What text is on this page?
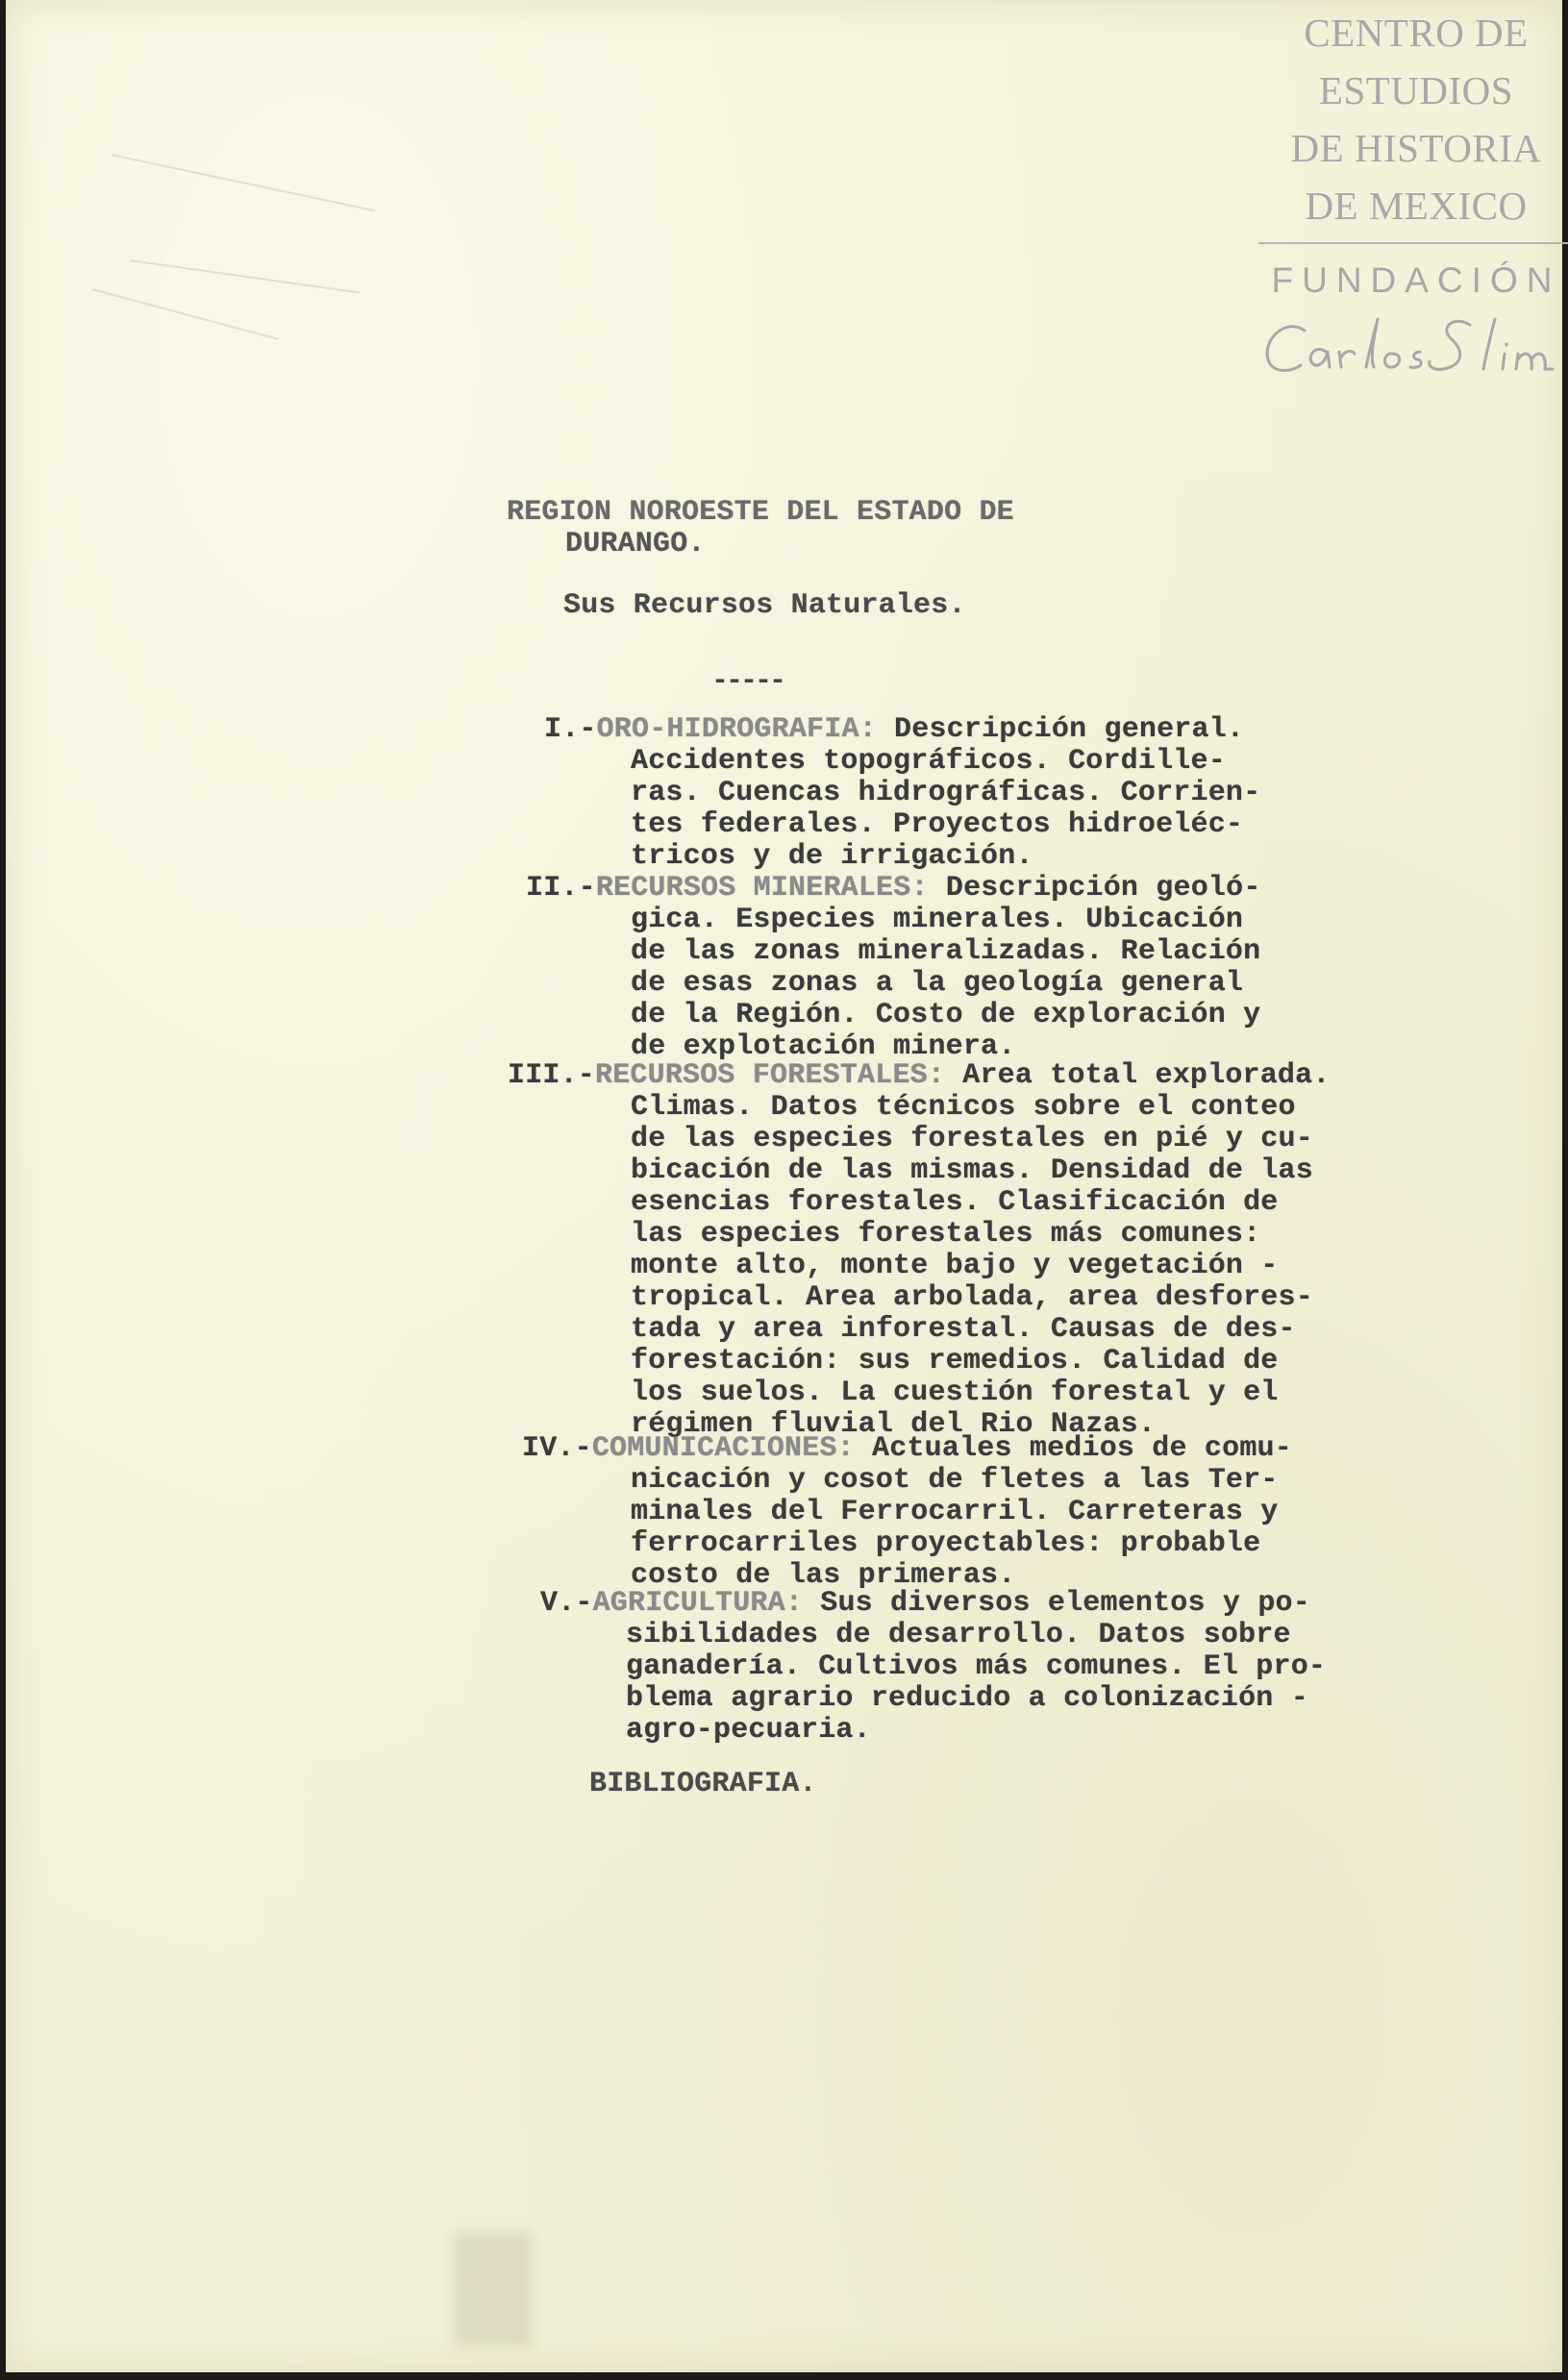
CENTRO DE
ESTUDIOS
DE HISTORIA
DE MEXICO
FUNDACIÓN
REGION NOROESTE DEL ESTADO DE
DURANGO.
Sus Recursos Naturales.
-----
I.-ORO-HIDROGRAFIA: Descripción general.
Accidentes topográficos. Cordille-
ras. Cuencas hidrográficas. Corrien-
tes federales. Proyectos hidroeléc-
tricos y de irrigación.
II.-RECURSOS MINERALES: Descripción geoló-
gica. Especies minerales. Ubicación
de las zonas mineralizadas. Relación
de esas zonas a la geología general
de la Región. Costo de exploración y
de explotación minera.
III.-RECURSOS FORESTALES: Area total explorada.
Climas. Datos técnicos sobre el conteo
de las especies forestales en pié y cu-
bicación de las mismas. Densidad de las
esencias forestales. Clasificación de
las especies forestales más comunes:
monte alto, monte bajo y vegetación -
tropical. Area arbolada, area desfores-
tada y area inforestal. Causas de des-
forestación: sus remedios. Calidad de
los suelos. La cuestión forestal y el
régimen fluvial del Rio Nazas.
IV.-COMUNICACIONES: Actuales medios de comu-
nicación y cosot de fletes a las Ter-
minales del Ferrocarril. Carreteras y
ferrocarriles proyectables: probable
costo de las primeras.
V.-AGRICULTURA: Sus diversos elementos y po-
sibilidades de desarrollo. Datos sobre
ganadería. Cultivos más comunes. El pro-
blema agrario reducido a colonización -
agro-pecuaria.
BIBLIOGRAFIA.
